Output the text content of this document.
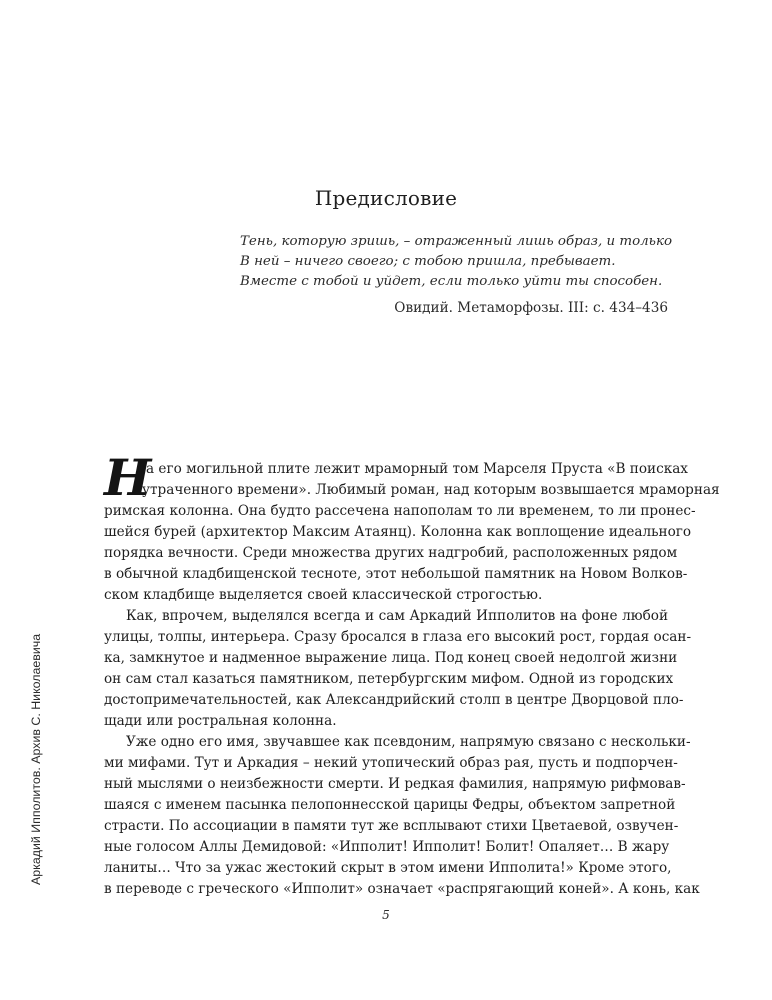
Аркадий Ипполитов. Архив С. Николаевича
Предисловие
Тень, которую зришь, – отраженный лишь образ, и только
В ней – ничего своего; с тобою пришла, пребывает.
Вместе с тобой и уйдет, если только уйти ты способен.
Овидий. Метаморфозы. III: с. 434–436
Н
а его могильной плите лежит мраморный том Марселя Пруста «В поисках
утраченного времени». Любимый роман, над которым возвышается мраморная
римская колонна. Она будто рассечена напополам то ли временем, то ли пронес-
шейся бурей (архитектор Максим Атаянц). Колонна как воплощение идеального
порядка вечности. Среди множества других надгробий, расположенных рядом
в обычной кладбищенской тесноте, этот небольшой памятник на Новом Волков-
ском кладбище выделяется своей классической строгостью.
Как, впрочем, выделялся всегда и сам Аркадий Ипполитов на фоне любой
улицы, толпы, интерьера. Сразу бросался в глаза его высокий рост, гордая осан-
ка, замкнутое и надменное выражение лица. Под конец своей недолгой жизни
он сам стал казаться памятником, петербургским мифом. Одной из городских
достопримечательностей, как Александрийский столп в центре Дворцовой пло-
щади или ростральная колонна.
Уже одно его имя, звучавшее как псевдоним, напрямую связано с нескольки-
ми мифами. Тут и Аркадия – некий утопический образ рая, пусть и подпорчен-
ный мыслями о неизбежности смерти. И редкая фамилия, напрямую рифмовав-
шаяся с именем пасынка пелопоннесской царицы Федры, объектом запретной
страсти. По ассоциации в памяти тут же всплывают стихи Цветаевой, озвучен-
ные голосом Аллы Демидовой: «Ипполит! Ипполит! Болит! Опаляет… В жару
ланиты… Что за ужас жестокий скрыт в этом имени Ипполита!» Кроме этого,
в переводе с греческого «Ипполит» означает «распрягающий коней». А конь, как
5
